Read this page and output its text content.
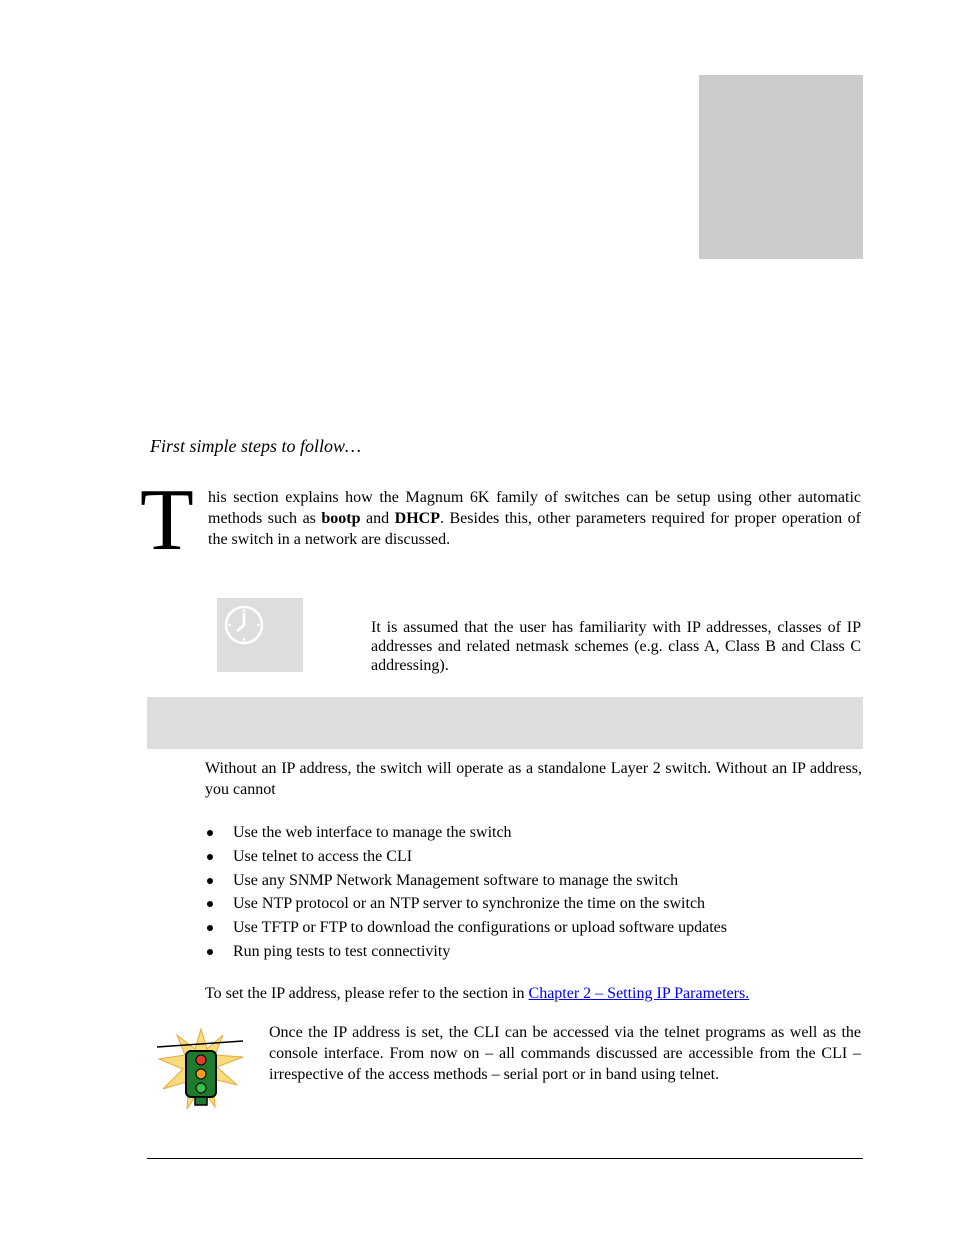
First simple steps to follow…
T his section explains how the Magnum 6K family of switches can be setup using other automatic methods such as bootp and DHCP. Besides this, other parameters required for proper operation of the switch in a network are discussed.
It is assumed that the user has familiarity with IP addresses, classes of IP addresses and related netmask schemes (e.g. class A, Class B and Class C addressing).
Without an IP address, the switch will operate as a standalone Layer 2 switch. Without an IP address, you cannot
Use the web interface to manage the switch
Use telnet to access the CLI
Use any SNMP Network Management software to manage the switch
Use NTP protocol or an NTP server to synchronize the time on the switch
Use TFTP or FTP to download the configurations or upload software updates
Run ping tests to test connectivity
To set the IP address, please refer to the section in Chapter 2 – Setting IP Parameters.
Once the IP address is set, the CLI can be accessed via the telnet programs as well as the console interface. From now on – all commands discussed are accessible from the CLI – irrespective of the access methods – serial port or in band using telnet.
